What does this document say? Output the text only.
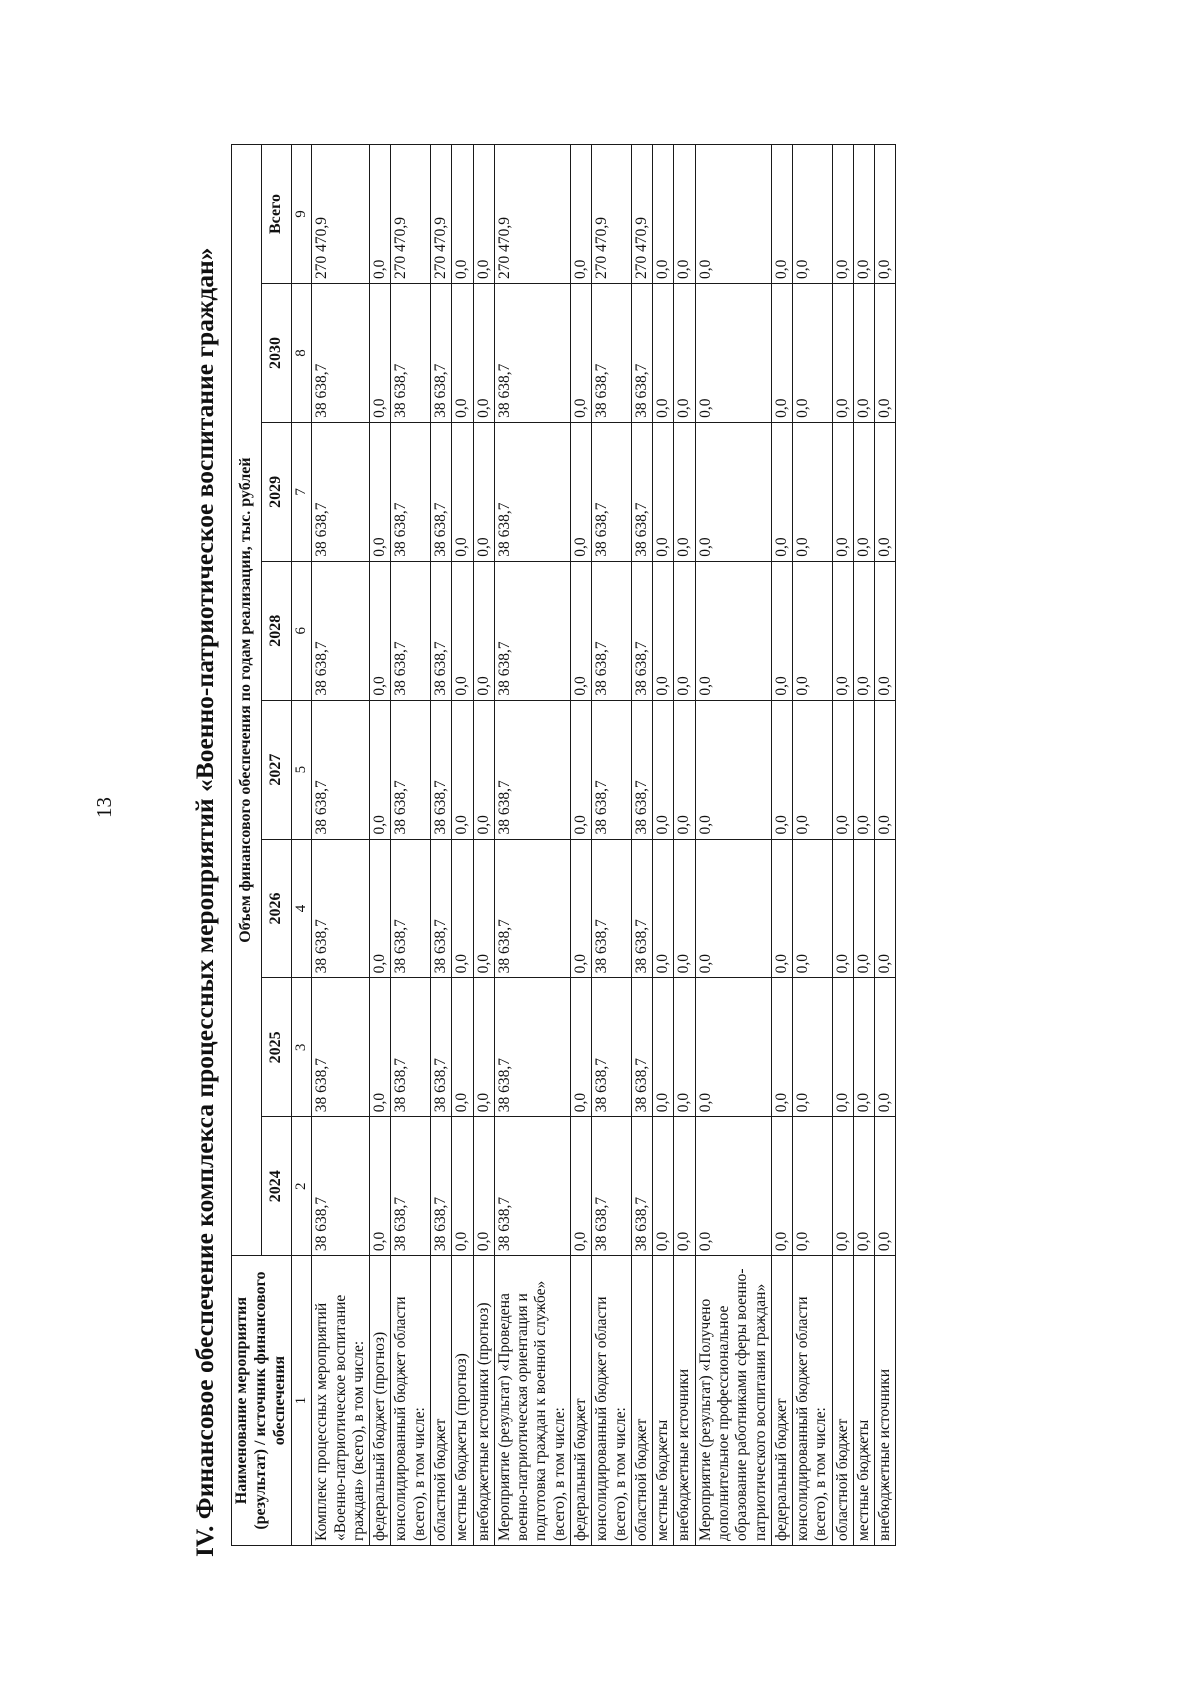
13	IV. Финансовое обеспечение комплекса процессных мероприятий «Военно-патриотическое воспитание граждан» Наименование мероприятия (результат) / источник финансового обеспечения	Объем финансового обеспечения по годам реализации, тыс. рублей							
	2024	2025	2026	2027	2028	2029	2030	Всего
1	2	3	4	5	6	7	8	9
Комплекс процессных мероприятий «Военно-патриотическое воспитание граждан» (всего), в том числе:	38 638,7	38 638,7	38 638,7	38 638,7	38 638,7	38 638,7	38 638,7	270 470,9
федеральный бюджет (прогноз)	0,0	0,0	0,0	0,0	0,0	0,0	0,0	0,0
консолидированный бюджет области (всего), в том числе:	38 638,7	38 638,7	38 638,7	38 638,7	38 638,7	38 638,7	38 638,7	270 470,9
областной бюджет	38 638,7	38 638,7	38 638,7	38 638,7	38 638,7	38 638,7	38 638,7	270 470,9
местные бюджеты (прогноз)	0,0	0,0	0,0	0,0	0,0	0,0	0,0	0,0
внебюджетные источники (прогноз)	0,0	0,0	0,0	0,0	0,0	0,0	0,0	0,0
Мероприятие (результат) «Проведена военно-патриотическая ориентация и подготовка граждан к военной службе» (всего), в том числе:	38 638,7	38 638,7	38 638,7	38 638,7	38 638,7	38 638,7	38 638,7	270 470,9
федеральный бюджет	0,0	0,0	0,0	0,0	0,0	0,0	0,0	0,0
консолидированный бюджет области (всего), в том числе:	38 638,7	38 638,7	38 638,7	38 638,7	38 638,7	38 638,7	38 638,7	270 470,9
областной бюджет	38 638,7	38 638,7	38 638,7	38 638,7	38 638,7	38 638,7	38 638,7	270 470,9
местные бюджеты	0,0	0,0	0,0	0,0	0,0	0,0	0,0	0,0
внебюджетные источники	0,0	0,0	0,0	0,0	0,0	0,0	0,0	0,0
Мероприятие (результат) «Получено дополнительное профессиональное образование работниками сферы военно-патриотического воспитания граждан»	0,0	0,0	0,0	0,0	0,0	0,0	0,0	0,0
федеральный бюджет	0,0	0,0	0,0	0,0	0,0	0,0	0,0	0,0
консолидированный бюджет области (всего), в том числе:	0,0	0,0	0,0	0,0	0,0	0,0	0,0	0,0
областной бюджет	0,0	0,0	0,0	0,0	0,0	0,0	0,0	0,0
местные бюджеты	0,0	0,0	0,0	0,0	0,0	0,0	0,0	0,0
внебюджетные источники	0,0	0,0	0,0	0,0	0,0	0,0	0,0	0,0
